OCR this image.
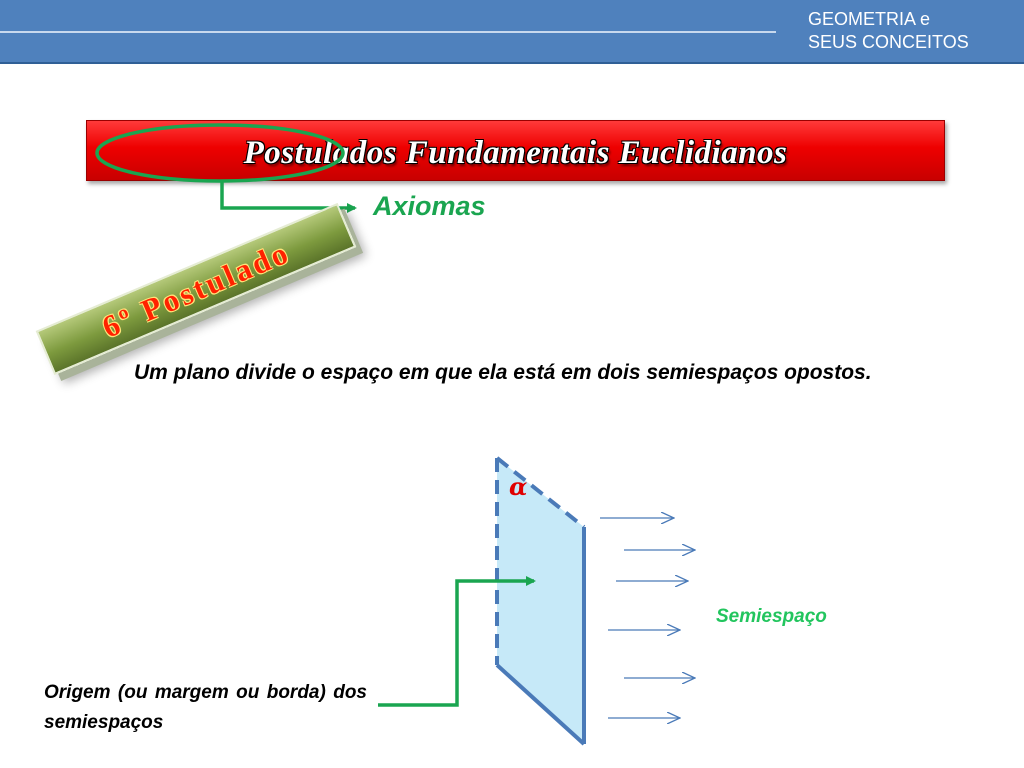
GEOMETRIA e
SEUS CONCEITOS
Postulados Fundamentais Euclidianos
Axiomas
6º Postulado
Um plano divide o espaço em que ela está em dois semiespaços opostos.
α
Semiespaço
Origem (ou margem ou borda) dos semiespaços
